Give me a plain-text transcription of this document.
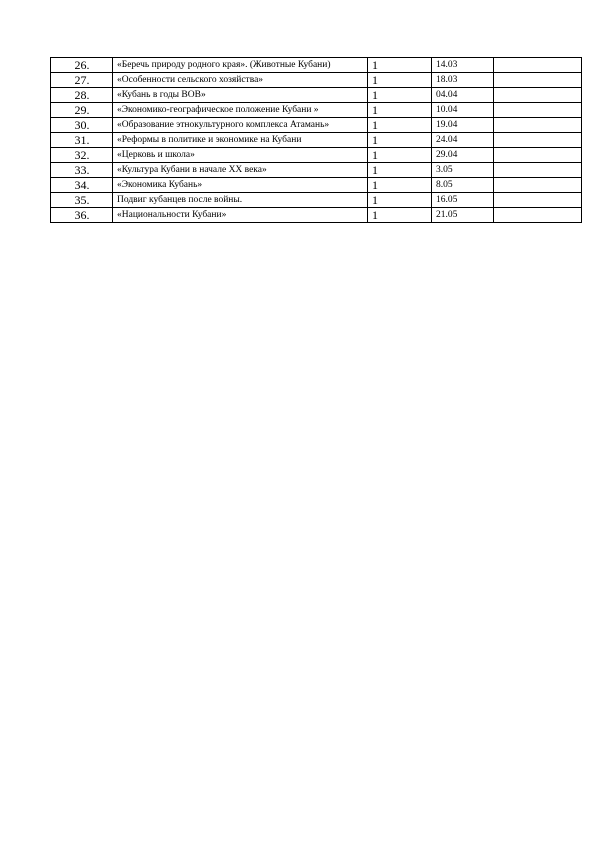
26.	«Беречь природу родного края». (Животные Кубани)	1	14.03	
27.	«Особенности сельского хозяйства»	1	18.03	
28.	«Кубань в годы ВОВ»	1	04.04	
29.	«Экономико-географическое положение Кубани »	1	10.04	
30.	«Образование этнокультурного комплекса Атамань»	1	19.04	
31.	«Реформы в политике и экономике на Кубани	1	24.04	
32.	«Церковь и школа»	1	29.04	
33.	«Культура Кубани в начале XX века»	1	3.05	
34.	«Экономика Кубань»	1	8.05	
35.	Подвиг кубанцев после войны.	1	16.05	
36.	«Национальности Кубани»	1	21.05	
